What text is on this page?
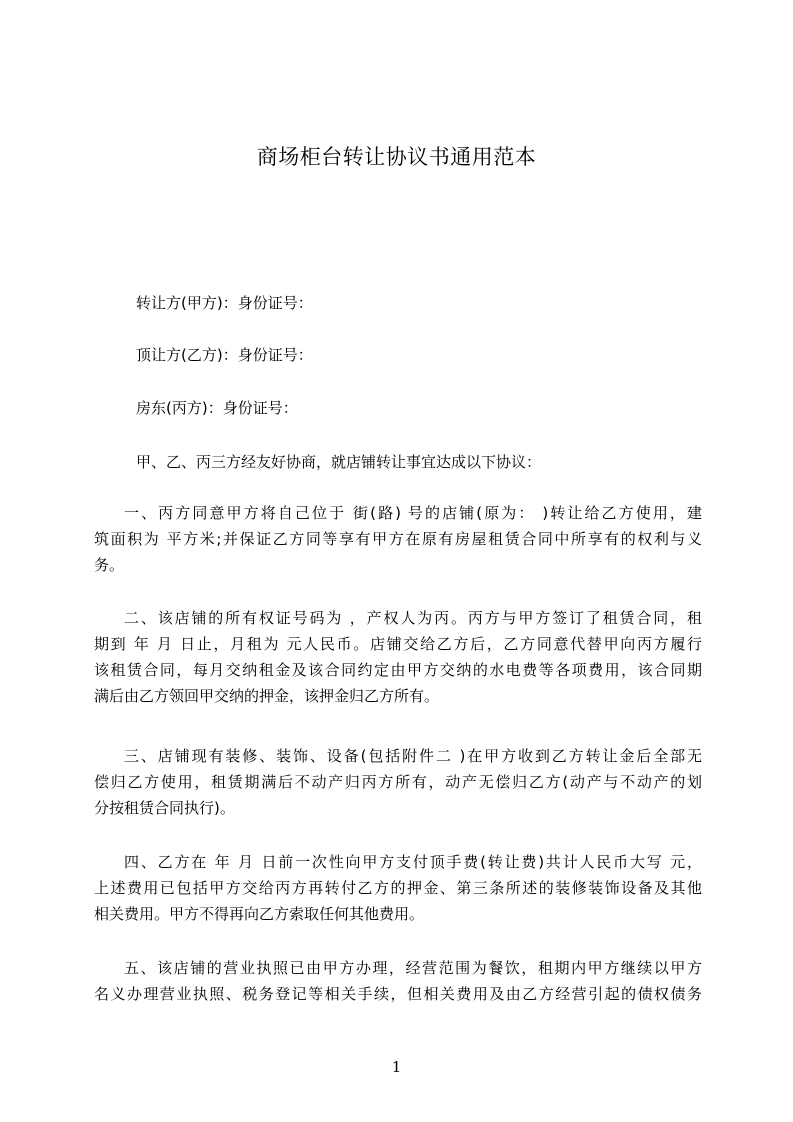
商场柜台转让协议书通用范本
转让方(甲方)：身份证号：
顶让方(乙方)：身份证号：
房东(丙方)：身份证号：
甲、乙、丙三方经友好协商，就店铺转让事宜达成以下协议：
一、丙方同意甲方将自己位于 街(路) 号的店铺(原为： )转让给乙方使用，建
筑面积为 平方米;并保证乙方同等享有甲方在原有房屋租赁合同中所享有的权利与义
务。
二、该店铺的所有权证号码为 ，产权人为丙。丙方与甲方签订了租赁合同，租
期到 年 月 日止，月租为 元人民币。店铺交给乙方后，乙方同意代替甲向丙方履行
该租赁合同，每月交纳租金及该合同约定由甲方交纳的水电费等各项费用，该合同期
满后由乙方领回甲交纳的押金，该押金归乙方所有。
三、店铺现有装修、装饰、设备(包括附件二 )在甲方收到乙方转让金后全部无
偿归乙方使用，租赁期满后不动产归丙方所有，动产无偿归乙方(动产与不动产的划
分按租赁合同执行)。
四、乙方在 年 月 日前一次性向甲方支付顶手费(转让费)共计人民币大写 元，
上述费用已包括甲方交给丙方再转付乙方的押金、第三条所述的装修装饰设备及其他
相关费用。甲方不得再向乙方索取任何其他费用。
五、该店铺的营业执照已由甲方办理，经营范围为餐饮，租期内甲方继续以甲方
名义办理营业执照、税务登记等相关手续，但相关费用及由乙方经营引起的债权债务
1
